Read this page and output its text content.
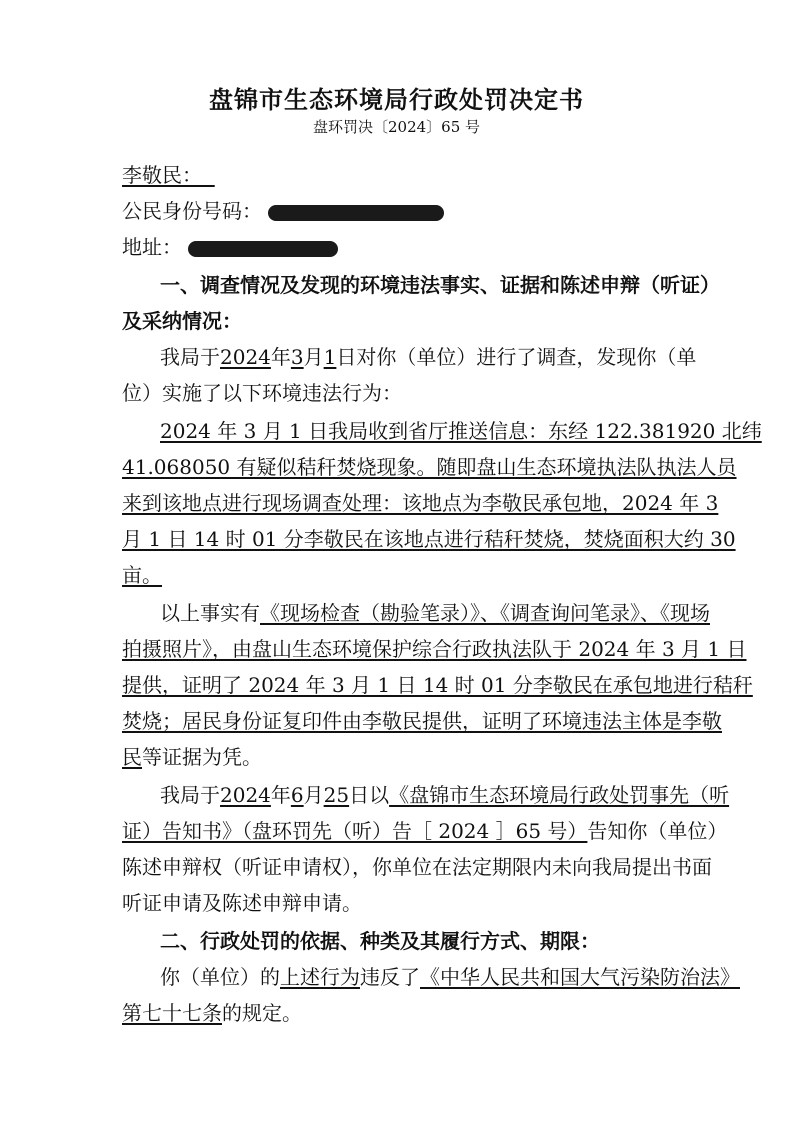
盘锦市生态环境局行政处罚决定书
盘环罚决〔2024〕65 号
李敬民：
公民身份号码：
地址：
一、调查情况及发现的环境违法事实、证据和陈述申辩（听证）
及采纳情况：
我局于2024年3月1日对你（单位）进行了调查，发现你（单
位）实施了以下环境违法行为：
2024 年 3 月 1 日我局收到省厅推送信息：东经 122.381920 北纬
41.068050 有疑似秸秆焚烧现象。随即盘山生态环境执法队执法人员
来到该地点进行现场调查处理：该地点为李敬民承包地，2024 年 3
月 1 日 14 时 01 分李敬民在该地点进行秸秆焚烧，焚烧面积大约 30
亩。
以上事实有《现场检查（勘验笔录）》、《调查询问笔录》、《现场
拍摄照片》，由盘山生态环境保护综合行政执法队于 2024 年 3 月 1 日
提供，证明了 2024 年 3 月 1 日 14 时 01 分李敬民在承包地进行秸秆
焚烧；居民身份证复印件由李敬民提供，证明了环境违法主体是李敬
民等证据为凭。
我局于2024年6月25日以《盘锦市生态环境局行政处罚事先（听
证）告知书》（盘环罚先（听）告［ 2024 ］65 号）告知你（单位）
陈述申辩权（听证申请权），你单位在法定期限内未向我局提出书面
听证申请及陈述申辩申请。
二、行政处罚的依据、种类及其履行方式、期限：
你（单位）的上述行为违反了《中华人民共和国大气污染防治法》
第七十七条的规定。
